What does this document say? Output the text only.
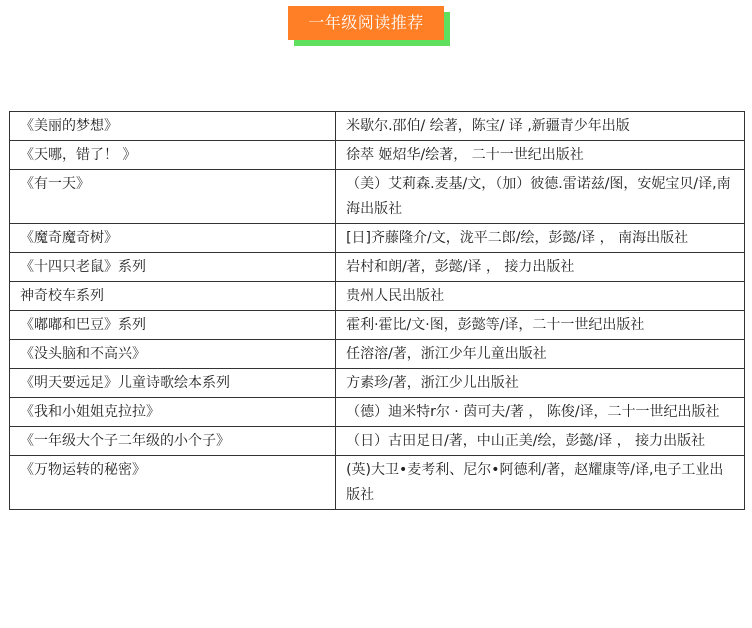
一年级阅读推荐
《美丽的梦想》	米歇尔.邵伯/ 绘著，陈宝/ 译 ,新疆青少年出版
《天哪，错了！ 》	徐萃 姬炤华/绘著， 二十一世纪出版社
《有一天》	（美）艾莉森.麦基/文，（加）彼德.雷诺兹/图，安妮宝贝/译,南海出版社
《魔奇魔奇树》	[日]齐藤隆介/文，泷平二郎/绘，彭懿/译 ， 南海出版社
《十四只老鼠》系列	岩村和朗/著，彭懿/译 ， 接力出版社
神奇校车系列	贵州人民出版社
《嘟嘟和巴豆》系列	霍利·霍比/文·图，彭懿等/译，二十一世纪出版社
《没头脑和不高兴》	任溶溶/著，浙江少年儿童出版社
《明天要远足》儿童诗歌绘本系列	方素珍/著，浙江少儿出版社
《我和小姐姐克拉拉》	（德）迪米特r尔 · 茵可夫/著 ， 陈俊/译，二十一世纪出版社
《一年级大个子二年级的小个子》	（日）古田足日/著，中山正美/绘，彭懿/译 ， 接力出版社
《万物运转的秘密》	(英)大卫•麦考利、尼尔•阿德利/著，赵耀康等/译,电子工业出版社
